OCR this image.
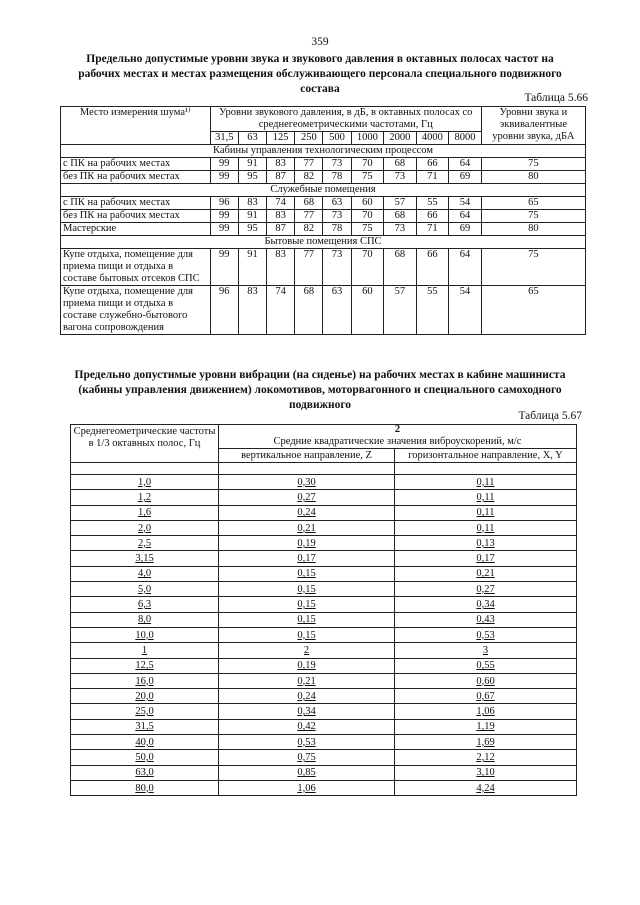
359
Предельно допустимые уровни звука и звукового давления в октавных полосах частот на рабочих местах и местах размещения обслуживающего персонала специального подвижного состава
Таблица 5.66
Место измерения шума¹⁾	Уровни звукового давления, в дБ, в октавных полосах со среднегеометрическими частотами, Гц									Уровни звука и эквивалентные уровни звука, дБА
	31,5	63	125	250	500	1000	2000	4000	8000	
Кабины управления технологическим процессом										
с ПК на рабочих местах	99	91	83	77	73	70	68	66	64	75
без ПК на рабочих местах	99	95	87	82	78	75	73	71	69	80
Служебные помещения										
с ПК на рабочих местах	96	83	74	68	63	60	57	55	54	65
без ПК на рабочих местах	99	91	83	77	73	70	68	66	64	75
Мастерские	99	95	87	82	78	75	73	71	69	80
Бытовые помещения СПС										
Купе отдыха, помещение для приема пищи и отдыха в составе бытовых отсеков СПС	99	91	83	77	73	70	68	66	64	75
Купе отдыха, помещение для приема пищи и отдыха в составе служебно-бытового вагона сопровождения	96	83	74	68	63	60	57	55	54	65
Предельно допустимые уровни вибрации (на сиденье) на рабочих местах в кабине машиниста (кабины управления движением) локомотивов, моторвагонного и специального самоходного подвижного
Таблица 5.67
Среднегеометрические частоты в 1/3 октавных полос, Гц	2
Средние квадратические значения виброускорений, м/с	
	вертикальное направление, Z	горизонтальное направление, X, Y

1,0	0,30	0,11
1,2	0,27	0,11
1,6	0,24	0,11
2,0	0,21	0,11
2,5	0,19	0,13
3,15	0,17	0,17
4,0	0,15	0,21
5,0	0,15	0,27
6,3	0,15	0,34
8,0	0,15	0,43
10,0	0,15	0,53
1	2	3
12,5	0,19	0,55
16,0	0,21	0,60
20,0	0,24	0,67
25,0	0,34	1,06
31,5	0,42	1,19
40,0	0,53	1,69
50,0	0,75	2,12
63,0	0,85	3,10
80,0	1,06	4,24
